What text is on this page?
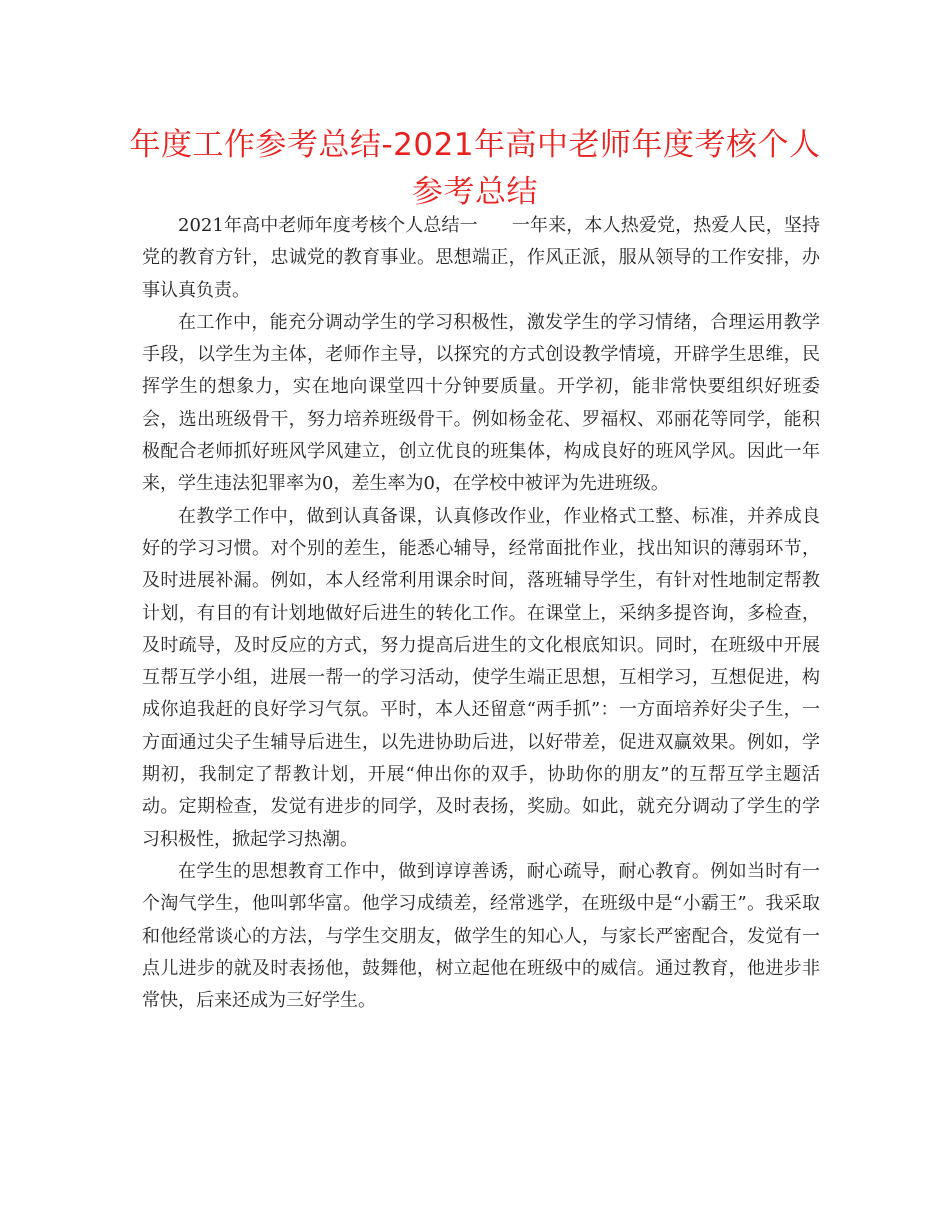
年度工作参考总结-2021年高中老师年度考核个人参考总结

2021年高中老师年度考核个人总结一 一年来，本人热爱党，热爱人民，坚持党的教育方针，忠诚党的教育事业。思想端正，作风正派，服从领导的工作安排，办事认真负责。

在工作中，能充分调动学生的学习积极性，激发学生的学习情绪，合理运用教学手段，以学生为主体，老师作主导，以探究的方式创设教学情境，开辟学生思维，民挥学生的想象力，实在地向课堂四十分钟要质量。开学初，能非常快要组织好班委会，选出班级骨干，努力培养班级骨干。例如杨金花、罗福权、邓丽花等同学，能积极配合老师抓好班风学风建立，创立优良的班集体，构成良好的班风学风。因此一年来，学生违法犯罪率为0，差生率为0，在学校中被评为先进班级。

在教学工作中，做到认真备课，认真修改作业，作业格式工整、标准，并养成良好的学习习惯。对个别的差生，能悉心辅导，经常面批作业，找出知识的薄弱环节，及时进展补漏。例如，本人经常利用课余时间，落班辅导学生，有针对性地制定帮教计划，有目的有计划地做好后进生的转化工作。在课堂上，采纳多提咨询，多检查，及时疏导，及时反应的方式，努力提高后进生的文化根底知识。同时，在班级中开展互帮互学小组，进展一帮一的学习活动，使学生端正思想，互相学习，互想促进，构成你追我赶的良好学习气氛。平时，本人还留意“两手抓”：一方面培养好尖子生，一方面通过尖子生辅导后进生，以先进协助后进，以好带差，促进双赢效果。例如，学期初，我制定了帮教计划，开展“伸出你的双手，协助你的朋友”的互帮互学主题活动。定期检查，发觉有进步的同学，及时表扬，奖励。如此，就充分调动了学生的学习积极性，掀起学习热潮。

在学生的思想教育工作中，做到谆谆善诱，耐心疏导，耐心教育。例如当时有一个淘气学生，他叫郭华富。他学习成绩差，经常逃学，在班级中是“小霸王”。我采取和他经常谈心的方法，与学生交朋友，做学生的知心人，与家长严密配合，发觉有一点儿进步的就及时表扬他，鼓舞他，树立起他在班级中的威信。通过教育，他进步非常快，后来还成为三好学生。
